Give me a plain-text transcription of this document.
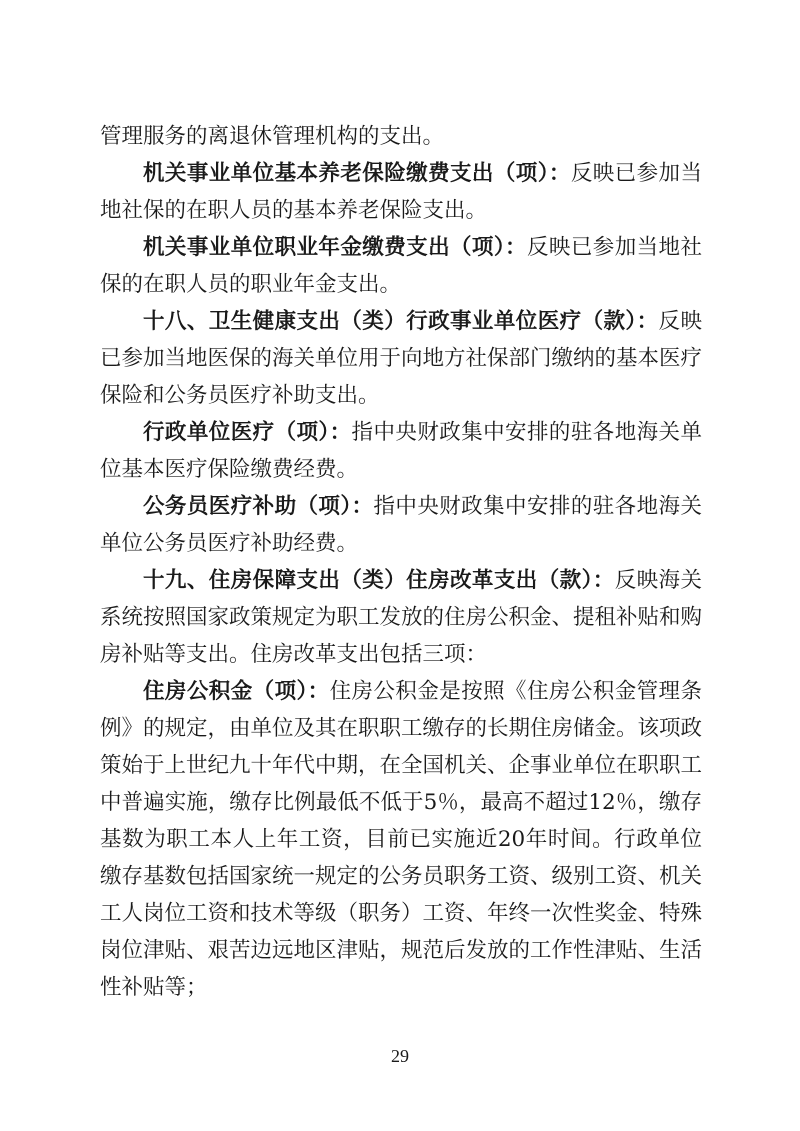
管理服务的离退休管理机构的支出。

机关事业单位基本养老保险缴费支出（项）：反映已参加当地社保的在职人员的基本养老保险支出。

机关事业单位职业年金缴费支出（项）：反映已参加当地社保的在职人员的职业年金支出。

十八、卫生健康支出（类）行政事业单位医疗（款）：反映已参加当地医保的海关单位用于向地方社保部门缴纳的基本医疗保险和公务员医疗补助支出。

行政单位医疗（项）：指中央财政集中安排的驻各地海关单位基本医疗保险缴费经费。

公务员医疗补助（项）：指中央财政集中安排的驻各地海关单位公务员医疗补助经费。

十九、住房保障支出（类）住房改革支出（款）：反映海关系统按照国家政策规定为职工发放的住房公积金、提租补贴和购房补贴等支出。住房改革支出包括三项：

住房公积金（项）：住房公积金是按照《住房公积金管理条例》的规定，由单位及其在职职工缴存的长期住房储金。该项政策始于上世纪九十年代中期，在全国机关、企事业单位在职职工中普遍实施，缴存比例最低不低于5％，最高不超过12％，缴存基数为职工本人上年工资，目前已实施近20年时间。行政单位缴存基数包括国家统一规定的公务员职务工资、级别工资、机关工人岗位工资和技术等级（职务）工资、年终一次性奖金、特殊岗位津贴、艰苦边远地区津贴，规范后发放的工作性津贴、生活性补贴等；

29
